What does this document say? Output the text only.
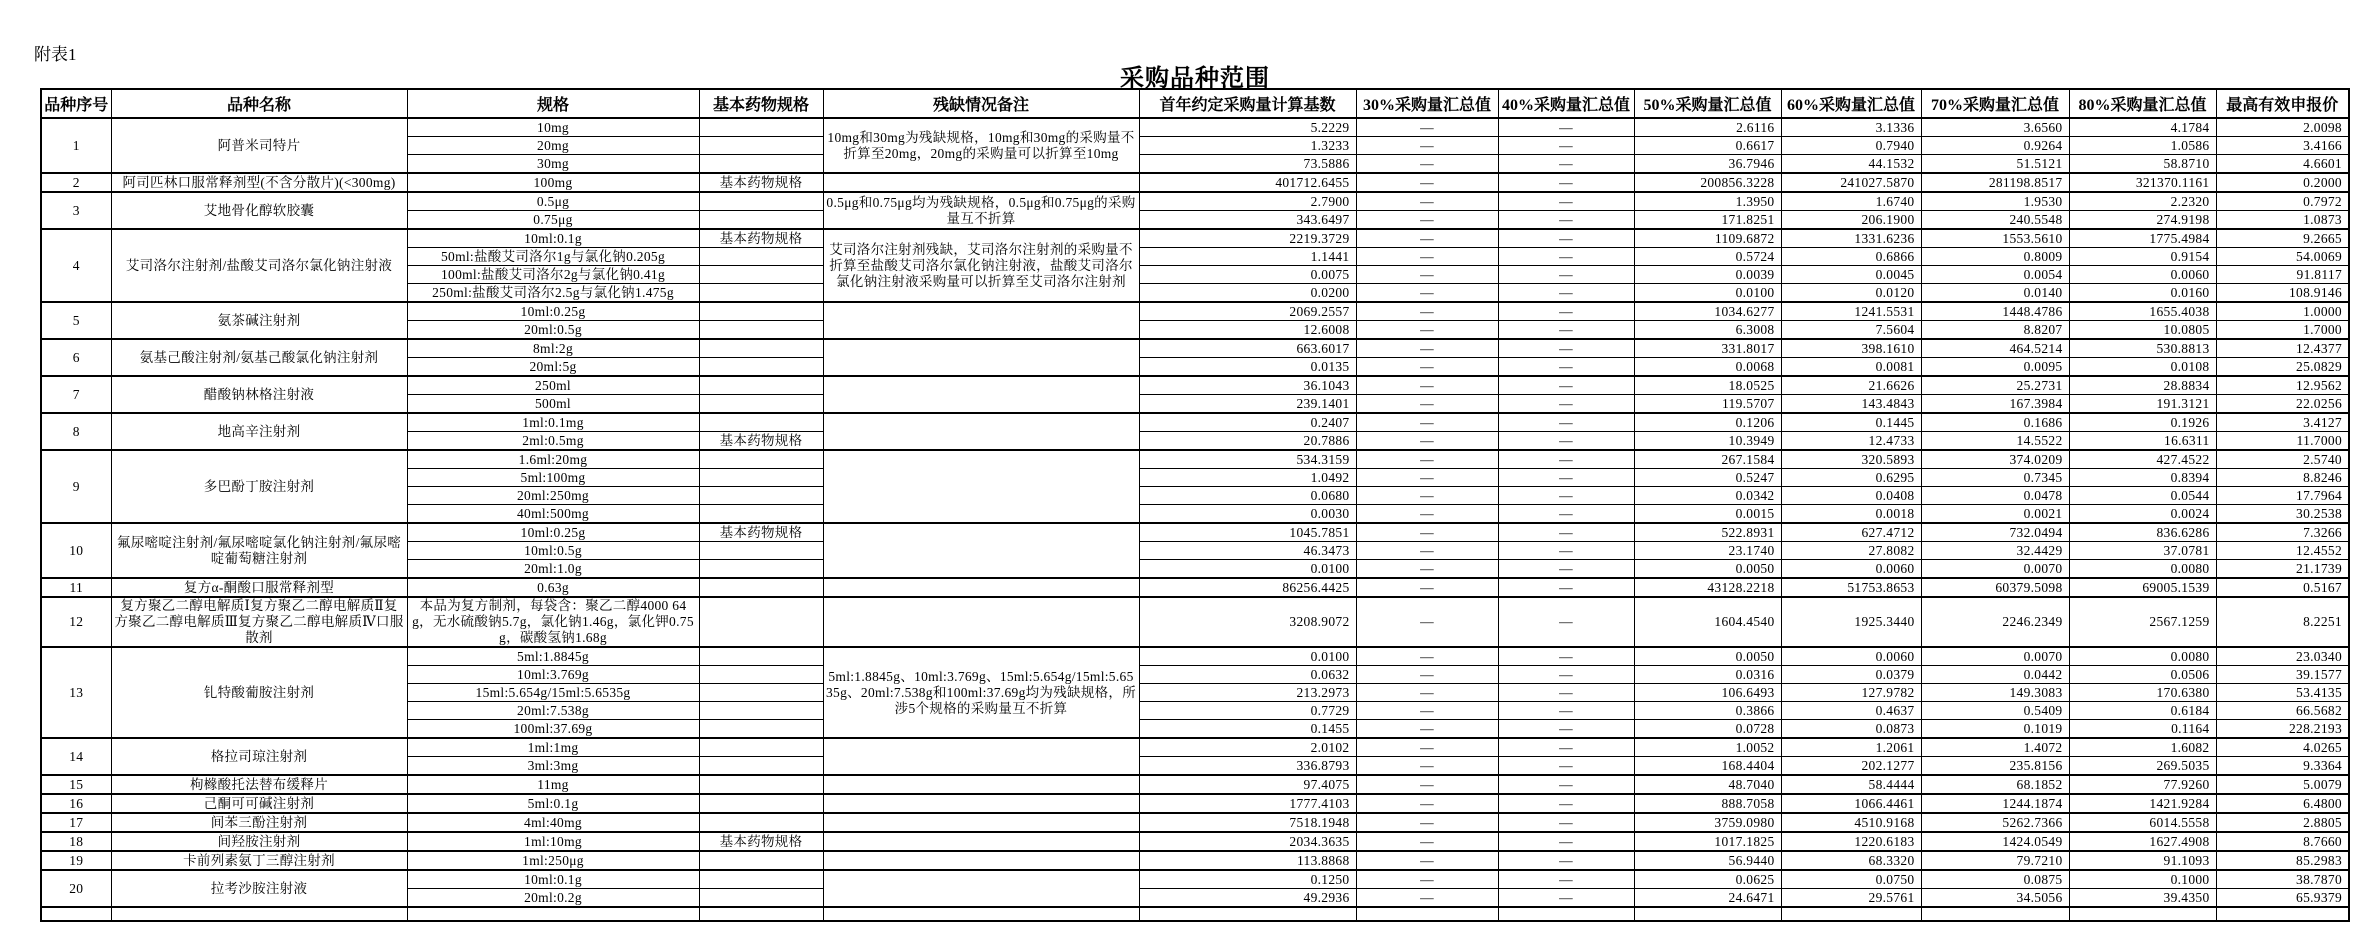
附表1
采购品种范围
品种序号	品种名称	规格	基本药物规格	残缺情况备注	首年约定采购量计算基数	30%采购量汇总值	40%采购量汇总值	50%采购量汇总值	60%采购量汇总值	70%采购量汇总值	80%采购量汇总值	最高有效申报价
1	阿普米司特片	10mg		10mg和30mg为残缺规格，10mg和30mg的采购量不折算至20mg，20mg的采购量可以折算至10mg	5.2229	—	—	2.6116	3.1336	3.6560	4.1784	2.0098
		20mg			1.3233	—	—	0.6617	0.7940	0.9264	1.0586	3.4166
		30mg			73.5886	—	—	36.7946	44.1532	51.5121	58.8710	4.6601
2	阿司匹林口服常释剂型(不含分散片)(<300mg)	100mg	基本药物规格		401712.6455	—	—	200856.3228	241027.5870	281198.8517	321370.1161	0.2000
3	艾地骨化醇软胶囊	0.5μg		0.5μg和0.75μg均为残缺规格，0.5μg和0.75μg的采购量互不折算	2.7900	—	—	1.3950	1.6740	1.9530	2.2320	0.7972
		0.75μg			343.6497	—	—	171.8251	206.1900	240.5548	274.9198	1.0873
4	艾司洛尔注射剂/盐酸艾司洛尔氯化钠注射液	10ml:0.1g	基本药物规格	艾司洛尔注射剂残缺，艾司洛尔注射剂的采购量不折算至盐酸艾司洛尔氯化钠注射液，盐酸艾司洛尔氯化钠注射液采购量可以折算至艾司洛尔注射剂	2219.3729	—	—	1109.6872	1331.6236	1553.5610	1775.4984	9.2665
		50ml:盐酸艾司洛尔1g与氯化钠0.205g			1.1441	—	—	0.5724	0.6866	0.8009	0.9154	54.0069
		100ml:盐酸艾司洛尔2g与氯化钠0.41g			0.0075	—	—	0.0039	0.0045	0.0054	0.0060	91.8117
		250ml:盐酸艾司洛尔2.5g与氯化钠1.475g			0.0200	—	—	0.0100	0.0120	0.0140	0.0160	108.9146
5	氨茶碱注射剂	10ml:0.25g			2069.2557	—	—	1034.6277	1241.5531	1448.4786	1655.4038	1.0000
		20ml:0.5g			12.6008	—	—	6.3008	7.5604	8.8207	10.0805	1.7000
6	氨基己酸注射剂/氨基己酸氯化钠注射剂	8ml:2g			663.6017	—	—	331.8017	398.1610	464.5214	530.8813	12.4377
		20ml:5g			0.0135	—	—	0.0068	0.0081	0.0095	0.0108	25.0829
7	醋酸钠林格注射液	250ml			36.1043	—	—	18.0525	21.6626	25.2731	28.8834	12.9562
		500ml			239.1401	—	—	119.5707	143.4843	167.3984	191.3121	22.0256
8	地高辛注射剂	1ml:0.1mg			0.2407	—	—	0.1206	0.1445	0.1686	0.1926	3.4127
		2ml:0.5mg	基本药物规格		20.7886	—	—	10.3949	12.4733	14.5522	16.6311	11.7000
9	多巴酚丁胺注射剂	1.6ml:20mg			534.3159	—	—	267.1584	320.5893	374.0209	427.4522	2.5740
		5ml:100mg			1.0492	—	—	0.5247	0.6295	0.7345	0.8394	8.8246
		20ml:250mg			0.0680	—	—	0.0342	0.0408	0.0478	0.0544	17.7964
		40ml:500mg			0.0030	—	—	0.0015	0.0018	0.0021	0.0024	30.2538
10	氟尿嘧啶注射剂/氟尿嘧啶氯化钠注射剂/氟尿嘧啶葡萄糖注射剂	10ml:0.25g	基本药物规格		1045.7851	—	—	522.8931	627.4712	732.0494	836.6286	7.3266
		10ml:0.5g			46.3473	—	—	23.1740	27.8082	32.4429	37.0781	12.4552
		20ml:1.0g			0.0100	—	—	0.0050	0.0060	0.0070	0.0080	21.1739
11	复方α-酮酸口服常释剂型	0.63g			86256.4425	—	—	43128.2218	51753.8653	60379.5098	69005.1539	0.5167
12	复方聚乙二醇电解质Ⅰ复方聚乙二醇电解质Ⅱ复方聚乙二醇电解质Ⅲ复方聚乙二醇电解质Ⅳ口服散剂	本品为复方制剂，每袋含：聚乙二醇4000 64g，无水硫酸钠5.7g，氯化钠1.46g，氯化钾0.75g，碳酸氢钠1.68g			3208.9072	—	—	1604.4540	1925.3440	2246.2349	2567.1259	8.2251
13	钆特酸葡胺注射剂	5ml:1.8845g		5ml:1.8845g、10ml:3.769g、15ml:5.654g/15ml:5.6535g、20ml:7.538g和100ml:37.69g均为残缺规格，所涉5个规格的采购量互不折算	0.0100	—	—	0.0050	0.0060	0.0070	0.0080	23.0340
		10ml:3.769g			0.0632	—	—	0.0316	0.0379	0.0442	0.0506	39.1577
		15ml:5.654g/15ml:5.6535g			213.2973	—	—	106.6493	127.9782	149.3083	170.6380	53.4135
		20ml:7.538g			0.7729	—	—	0.3866	0.4637	0.5409	0.6184	66.5682
		100ml:37.69g			0.1455	—	—	0.0728	0.0873	0.1019	0.1164	228.2193
14	格拉司琼注射剂	1ml:1mg			2.0102	—	—	1.0052	1.2061	1.4072	1.6082	4.0265
		3ml:3mg			336.8793	—	—	168.4404	202.1277	235.8156	269.5035	9.3364
15	枸橼酸托法替布缓释片	11mg			97.4075	—	—	48.7040	58.4444	68.1852	77.9260	5.0079
16	己酮可可碱注射剂	5ml:0.1g			1777.4103	—	—	888.7058	1066.4461	1244.1874	1421.9284	6.4800
17	间苯三酚注射剂	4ml:40mg			7518.1948	—	—	3759.0980	4510.9168	5262.7366	6014.5558	2.8805
18	间羟胺注射剂	1ml:10mg	基本药物规格		2034.3635	—	—	1017.1825	1220.6183	1424.0549	1627.4908	8.7660
19	卡前列素氨丁三醇注射剂	1ml:250μg			113.8868	—	—	56.9440	68.3320	79.7210	91.1093	85.2983
20	拉考沙胺注射液	10ml:0.1g			0.1250	—	—	0.0625	0.0750	0.0875	0.1000	38.7870
		20ml:0.2g			49.2936	—	—	24.6471	29.5761	34.5056	39.4350	65.9379
